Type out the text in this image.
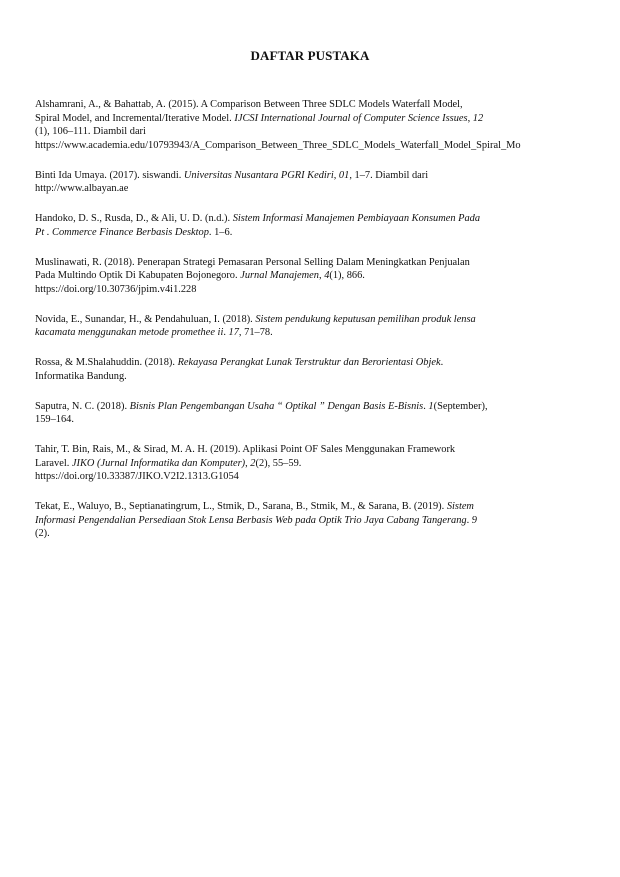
DAFTAR PUSTAKA
Alshamrani, A., & Bahattab, A. (2015). A Comparison Between Three SDLC Models Waterfall Model,
Spiral Model, and Incremental/Iterative Model. IJCSI International Journal of Computer Science Issues, 12
(1), 106–111. Diambil dari
https://www.academia.edu/10793943/A_Comparison_Between_Three_SDLC_Models_Waterfall_Model_Spiral_Mo
Binti Ida Umaya. (2017). siswandi. Universitas Nusantara PGRI Kediri, 01, 1–7. Diambil dari
http://www.albayan.ae
Handoko, D. S., Rusda, D., & Ali, U. D. (n.d.). Sistem Informasi Manajemen Pembiayaan Konsumen Pada
Pt . Commerce Finance Berbasis Desktop. 1–6.
Muslinawati, R. (2018). Penerapan Strategi Pemasaran Personal Selling Dalam Meningkatkan Penjualan
Pada Multindo Optik Di Kabupaten Bojonegoro. Jurnal Manajemen, 4(1), 866.
https://doi.org/10.30736/jpim.v4i1.228
Novida, E., Sunandar, H., & Pendahuluan, I. (2018). Sistem pendukung keputusan pemilihan produk lensa
kacamata menggunakan metode promethee ii. 17, 71–78.
Rossa, & M.Shalahuddin. (2018). Rekayasa Perangkat Lunak Terstruktur dan Berorientasi Objek.
Informatika Bandung.
Saputra, N. C. (2018). Bisnis Plan Pengembangan Usaha “ Optikal ” Dengan Basis E-Bisnis. 1(September),
159–164.
Tahir, T. Bin, Rais, M., & Sirad, M. A. H. (2019). Aplikasi Point OF Sales Menggunakan Framework
Laravel. JIKO (Jurnal Informatika dan Komputer), 2(2), 55–59.
https://doi.org/10.33387/JIKO.V2I2.1313.G1054
Tekat, E., Waluyo, B., Septianatingrum, L., Stmik, D., Sarana, B., Stmik, M., & Sarana, B. (2019). Sistem
Informasi Pengendalian Persediaan Stok Lensa Berbasis Web pada Optik Trio Jaya Cabang Tangerang. 9
(2).
